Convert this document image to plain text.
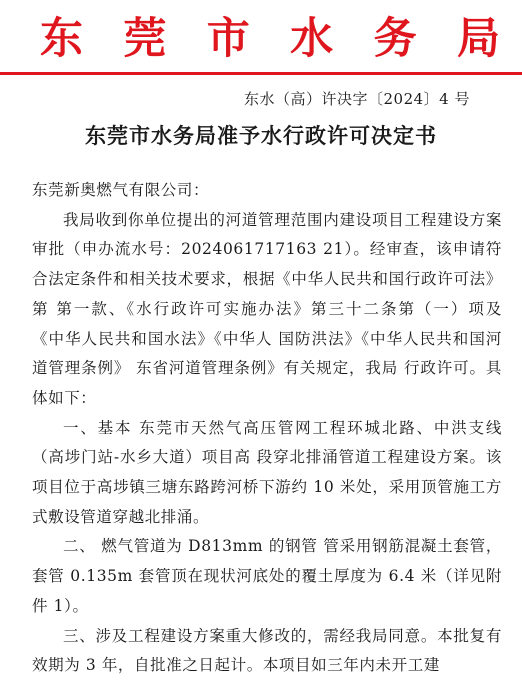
东 莞 市 水 务 局
东水（高）许决字〔2024〕4 号
东莞市水务局准予水行政许可决定书

东莞新奥燃气有限公司：

我局收到你单位提出的河道管理范围内建设项目工程建设方案审批（申办流水号：2024061717163 21）。经审查，该申请符合法定条件和相关技术要求，根据《中华人民共和国行政许可法》第 第一款、《水行政许可实施办法》第三十二条第（一）项及 《中华人民共和国水法》《中华人 国防洪法》《中华人民共和国河道管理条例》 东省河道管理条例》有关规定，我局 行政许可。具体如下：

一、基本 东莞市天然气高压管网工程环城北路、中洪支线（高埗门站-水乡大道）项目高 段穿北排涌管道工程建设方案。该项目位于高埗镇三塘东路跨河桥下游约 10 米处，采用顶管施工方式敷设管道穿越北排涌。

二、 燃气管道为 D813mm 的钢管 管采用钢筋混凝土套管，套管 0.135m 套管顶在现状河底处的覆土厚度为 6.4 米（详见附件 1）。

三、涉及工程建设方案重大修改的，需经我局同意。本批复有效期为 3 年，自批准之日起计。本项目如三年内未开工建
